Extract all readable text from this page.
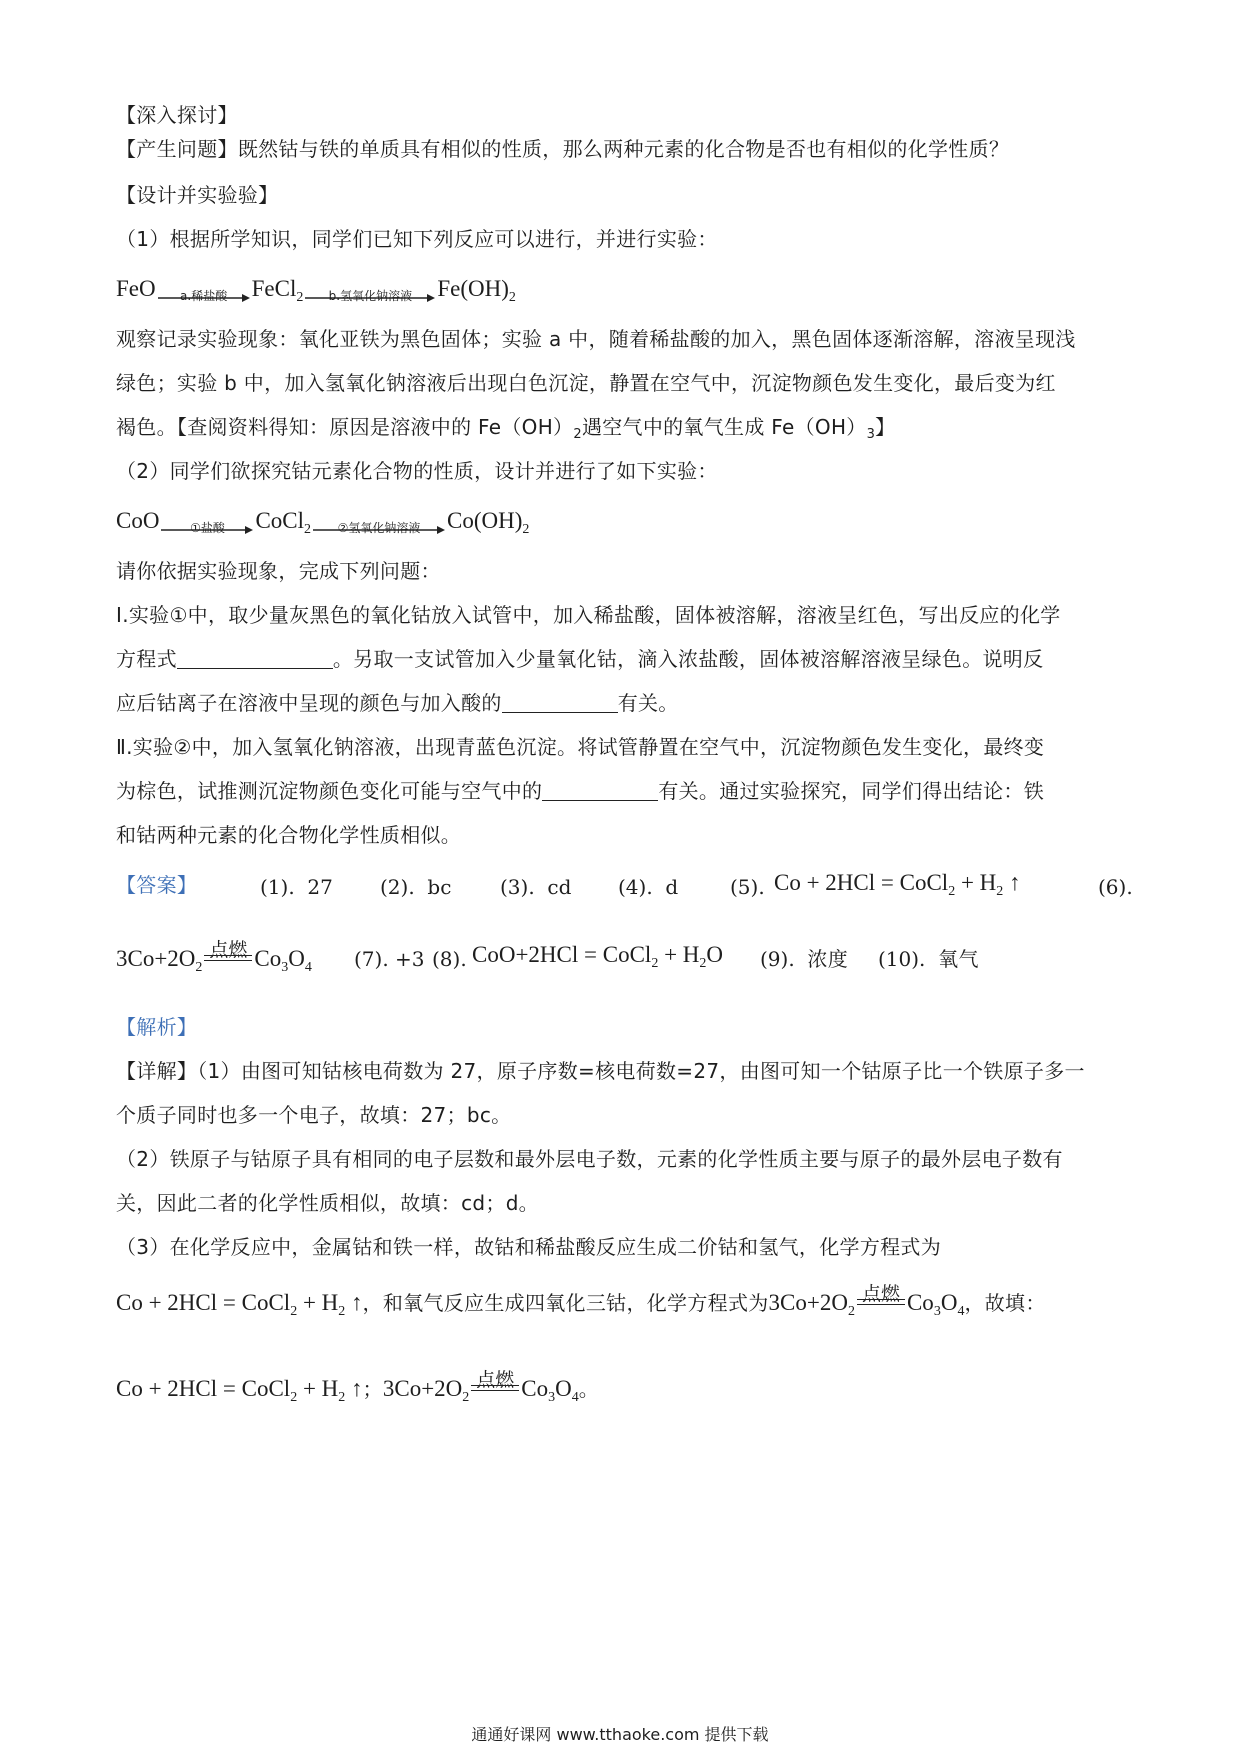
【深入探讨】
【产生问题】既然钴与铁的单质具有相似的性质，那么两种元素的化合物是否也有相似的化学性质？
【设计并实验验】
（1）根据所学知识，同学们已知下列反应可以进行，并进行实验：
FeO	a.稀盐酸	FeCl$_2$	b.氢氧化钠溶液	$Fe(OH)_2$
观察记录实验现象：氧化亚铁为黑色固体；实验 a 中，随着稀盐酸的加入，黑色固体逐渐溶解，溶液呈现浅
绿色；实验 b 中，加入氢氧化钠溶液后出现白色沉淀，静置在空气中，沉淀物颜色发生变化，最后变为红
褐色。【查阅资料得知：原因是溶液中的 $Fe(OH)_2$遇空气中的氧气生成 $Fe(OH)_3$】
（2）同学们欲探究钴元素化合物的性质，设计并进行了如下实验：
CoO	①盐酸	CoCl$_2$	②氢氧化钠溶液	$Co(OH)_2$
请你依据实验现象，完成下列问题：
I.实验①中，取少量灰黑色的氧化钴放入试管中，加入稀盐酸，固体被溶解，溶液呈红色，写出反应的化学
方程式	。另取一支试管加入少量氧化钴，滴入浓盐酸，固体被溶解溶液呈绿色。说明反
应后钴离子在溶液中呈现的颜色与加入酸的	有关。
Ⅱ.实验②中，加入氢氧化钠溶液，出现青蓝色沉淀。将试管静置在空气中，沉淀物颜色发生变化，最终变
为棕色，试推测沉淀物颜色变化可能与空气中的	有关。通过实验探究，同学们得出结论：铁
和钴两种元素的化合物化学性质相似。
【答案】	(1). 27 (2). bc (3). cd (4). d	(5). Co + 2HCl = CoCl$_2$ + $H_2$ ↑	(6).
$3Co+2O_2$
点燃 $Co_3O_4$ (7). +3 (8). CoO+2HCl = CoCl$_2$ + $H_2O$ (9). 浓度 (10). 氧气
【解析】
【详解】（1）由图可知钴核电荷数为 27，原子序数=核电荷数=27，由图可知一个钴原子比一个铁原子多一
个质子同时也多一个电子，故填：27；bc。
（2）铁原子与钴原子具有相同的电子层数和最外层电子数，元素的化学性质主要与原子的最外层电子数有
关，因此二者的化学性质相似，故填：cd；d。
（3）在化学反应中，金属钴和铁一样，故钴和稀盐酸反应生成二价钴和氢气，化学方程式为
Co + 2HCl = CoCl$_2$ + $H_2$ ↑，和氧气反应生成四氧化三钴，化学方程式为$3Co+2O_2$
点燃 $Co_3O_4$，故填：
Co + 2HCl = CoCl$_2$ + $H_2$ ↑；$3Co+2O_2$
点燃 $Co_3O_4$。
通通好课网 www.tthaoke.com 提供下载
